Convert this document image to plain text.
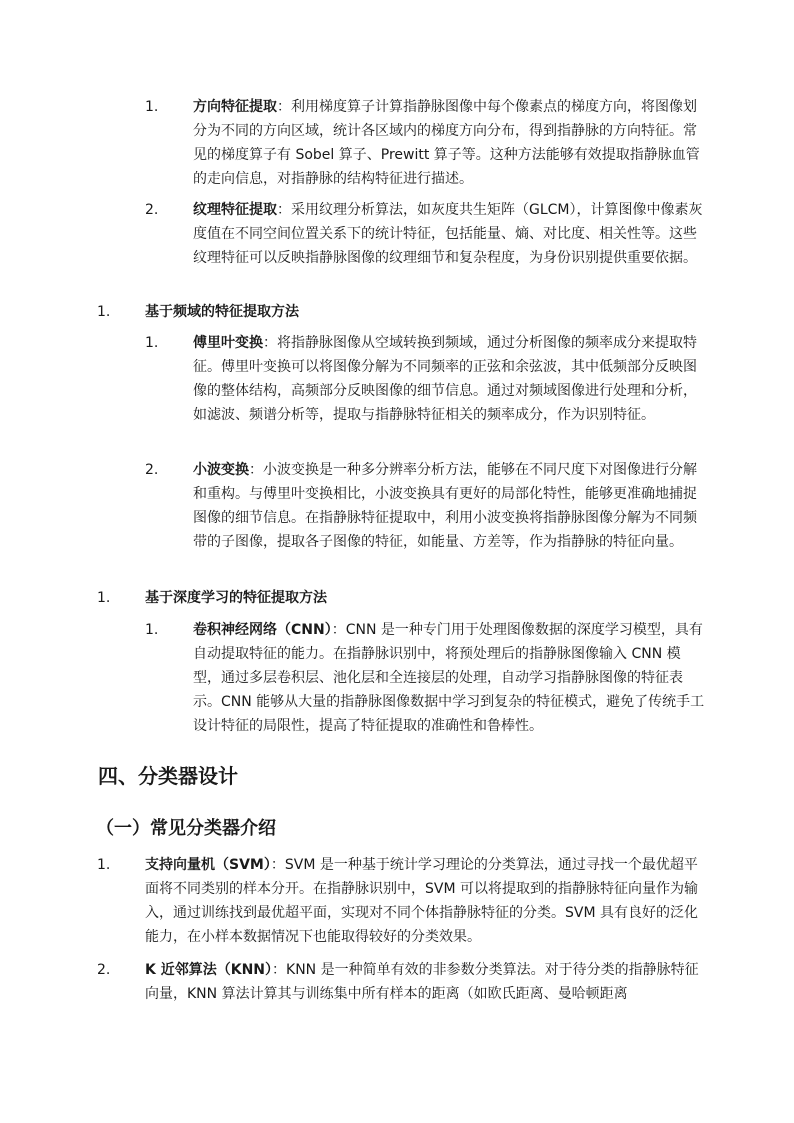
1. 方向特征提取：利用梯度算子计算指静脉图像中每个像素点的梯度方向，将图像划分为不同的方向区域，统计各区域内的梯度方向分布，得到指静脉的方向特征。常见的梯度算子有 Sobel 算子、Prewitt 算子等。这种方法能够有效提取指静脉血管的走向信息，对指静脉的结构特征进行描述。
2. 纹理特征提取：采用纹理分析算法，如灰度共生矩阵（GLCM），计算图像中像素灰度值在不同空间位置关系下的统计特征，包括能量、熵、对比度、相关性等。这些纹理特征可以反映指静脉图像的纹理细节和复杂程度，为身份识别提供重要依据。
1. 基于频域的特征提取方法
1. 傅里叶变换：将指静脉图像从空域转换到频域，通过分析图像的频率成分来提取特征。傅里叶变换可以将图像分解为不同频率的正弦和余弦波，其中低频部分反映图像的整体结构，高频部分反映图像的细节信息。通过对频域图像进行处理和分析，如滤波、频谱分析等，提取与指静脉特征相关的频率成分，作为识别特征。
2. 小波变换：小波变换是一种多分辨率分析方法，能够在不同尺度下对图像进行分解和重构。与傅里叶变换相比，小波变换具有更好的局部化特性，能够更准确地捕捉图像的细节信息。在指静脉特征提取中，利用小波变换将指静脉图像分解为不同频带的子图像，提取各子图像的特征，如能量、方差等，作为指静脉的特征向量。
1. 基于深度学习的特征提取方法
1. 卷积神经网络（CNN）：CNN 是一种专门用于处理图像数据的深度学习模型，具有自动提取特征的能力。在指静脉识别中，将预处理后的指静脉图像输入 CNN 模型，通过多层卷积层、池化层和全连接层的处理，自动学习指静脉图像的特征表示。CNN 能够从大量的指静脉图像数据中学习到复杂的特征模式，避免了传统手工设计特征的局限性，提高了特征提取的准确性和鲁棒性。
四、分类器设计
（一）常见分类器介绍
1. 支持向量机（SVM）：SVM 是一种基于统计学习理论的分类算法，通过寻找一个最优超平面将不同类别的样本分开。在指静脉识别中，SVM 可以将提取到的指静脉特征向量作为输入，通过训练找到最优超平面，实现对不同个体指静脉特征的分类。SVM 具有良好的泛化能力，在小样本数据情况下也能取得较好的分类效果。
2. K 近邻算法（KNN）：KNN 是一种简单有效的非参数分类算法。对于待分类的指静脉特征向量，KNN 算法计算其与训练集中所有样本的距离（如欧氏距离、曼哈顿距离
